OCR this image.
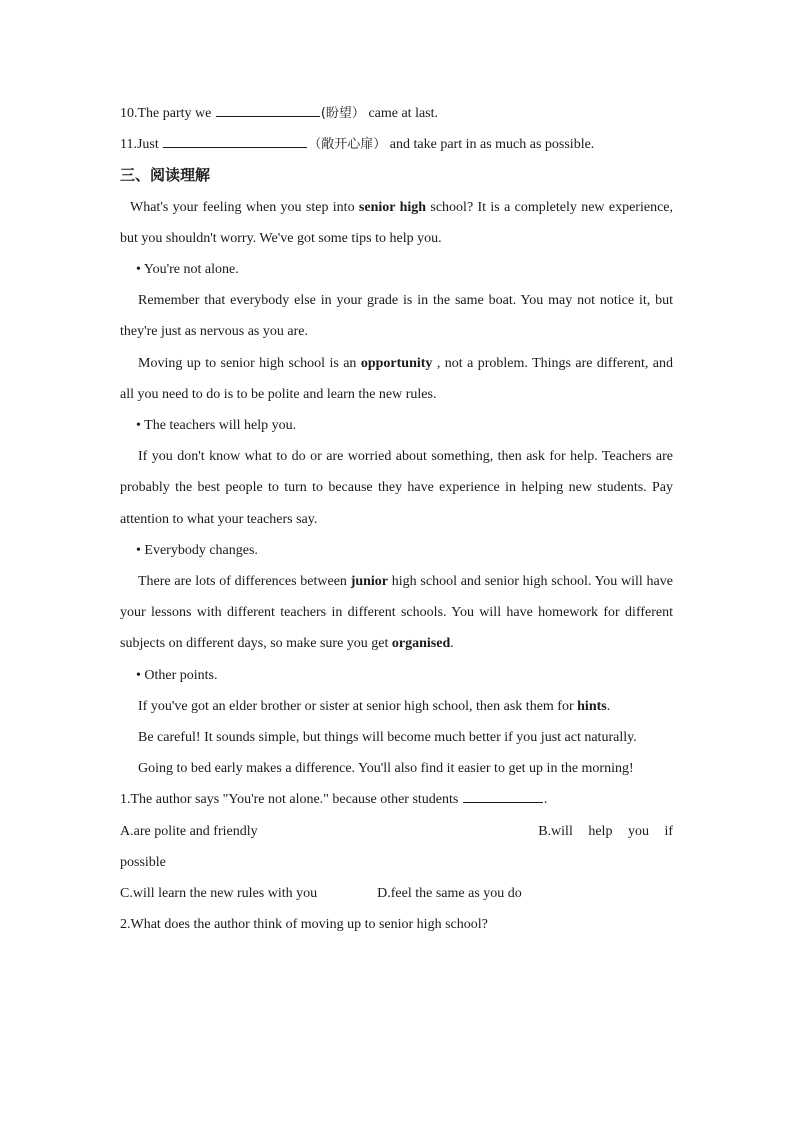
10.The party we	(盼望） came at last.
11.Just	（敞开心扉） and take part in as much as possible.
三、阅读理解

What's your feeling when you step into senior high school? It is a completely new experience, but you shouldn't worry. We've got some tips to help you.

• You're not alone.

Remember that everybody else in your grade is in the same boat. You may not notice it, but they're just as nervous as you are.

Moving up to senior high school is an opportunity , not a problem. Things are different, and all you need to do is to be polite and learn the new rules.

• The teachers will help you.

If you don't know what to do or are worried about something, then ask for help. Teachers are probably the best people to turn to because they have experience in helping new students. Pay attention to what your teachers say.

• Everybody changes.

There are lots of differences between junior high school and senior high school. You will have your lessons with different teachers in different schools. You will have homework for different subjects on different days, so make sure you get organised.

• Other points.

If you've got an elder brother or sister at senior high school, then ask them for hints.

Be careful! It sounds simple, but things will become much better if you just act naturally.

Going to bed early makes a difference. You'll also find it easier to get up in the morning!

1.The author says "You're not alone." because other students	.
A.are polite and friendly	B.will help you if
possible
C.will learn the new rules with you	D.feel the same as you do
2.What does the author think of moving up to senior high school?
